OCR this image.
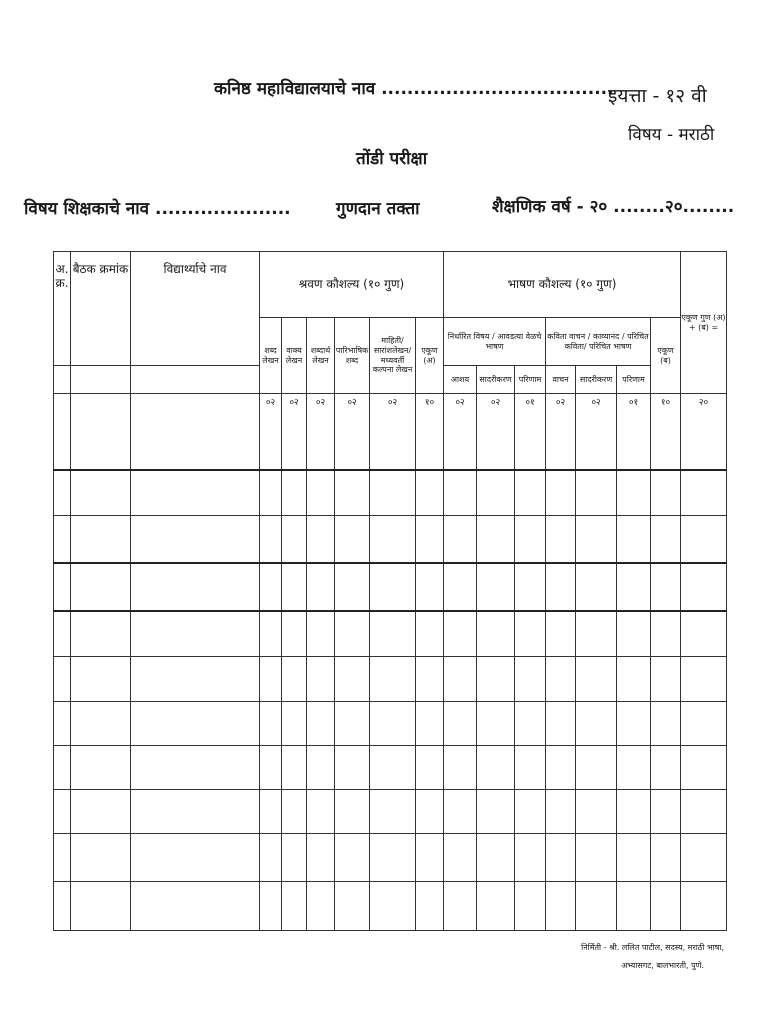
कनिष्ठ महाविद्यालयाचे नाव ....................................
इयत्ता - १२ वी
विषय - मराठी
तोंडी परीक्षा
विषय शिक्षकाचे नाव .....................	गुणदान तक्ता	शैक्षणिक वर्ष - २० ........२०........
अ. क्र.	बैठक क्रमांक	विद्यार्थ्याचे नाव	श्रवण कौशल्य (१० गुण)						भाषण कौशल्य (१० गुण)							एकूण गुण (अ) + (ब) =
			शब्द लेखन	वाक्य लेखन	शब्दार्थ लेखन	पारिभाषिक शब्द	माहिती/ सारांशलेखन/ मध्यवर्ती कल्पना लेखन	एकूण (अ)	निर्धारित विषय / आवडत्या वेळचे भाषण			कविता वाचन / काव्यानंद / परिचित कविता/ परिचित भाषण			एकूण (ब)	
									आशय	सादरीकरण	परिणाम	वाचन	सादरीकरण	परिणाम		
			०२	०२	०२	०२	०२	१०	०२	०२	०१	०२	०२	०१	१०	२०

निर्मिती - श्री. ललित पाटील, सदस्य, मराठी भाषा,
अभ्यासगट, बालभारती, पुणे.
